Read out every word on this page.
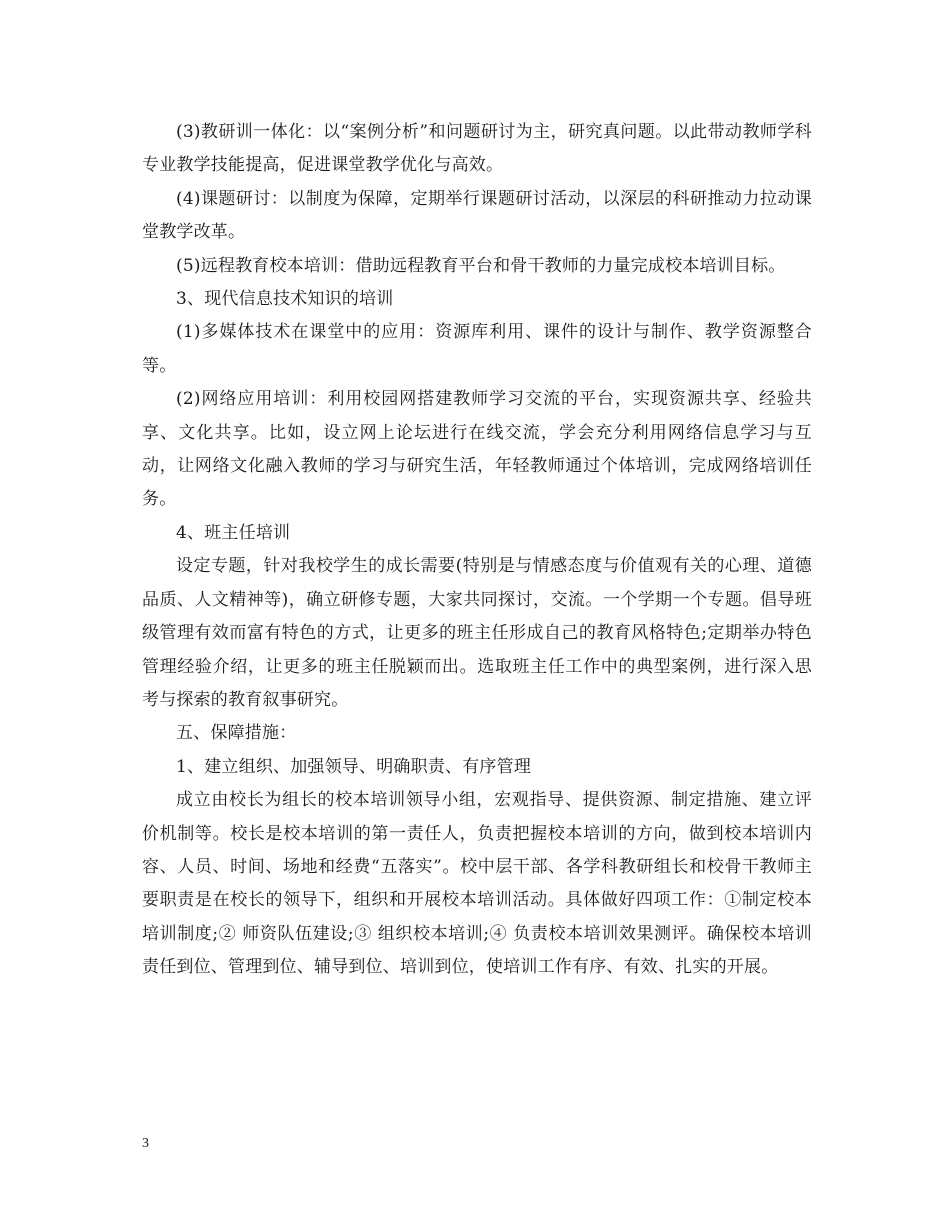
(3)教研训一体化：以“案例分析”和问题研讨为主，研究真问题。以此带动教师学科专业教学技能提高，促进课堂教学优化与高效。

(4)课题研讨：以制度为保障，定期举行课题研讨活动，以深层的科研推动力拉动课堂教学改革。

(5)远程教育校本培训：借助远程教育平台和骨干教师的力量完成校本培训目标。

3、现代信息技术知识的培训

(1)多媒体技术在课堂中的应用：资源库利用、课件的设计与制作、教学资源整合等。

(2)网络应用培训：利用校园网搭建教师学习交流的平台，实现资源共享、经验共享、文化共享。比如，设立网上论坛进行在线交流，学会充分利用网络信息学习与互动，让网络文化融入教师的学习与研究生活，年轻教师通过个体培训，完成网络培训任务。

4、班主任培训

设定专题，针对我校学生的成长需要(特别是与情感态度与价值观有关的心理、道德品质、人文精神等)，确立研修专题，大家共同探讨，交流。一个学期一个专题。倡导班级管理有效而富有特色的方式，让更多的班主任形成自己的教育风格特色;定期举办特色管理经验介绍，让更多的班主任脱颖而出。选取班主任工作中的典型案例，进行深入思考与探索的教育叙事研究。

五、保障措施：

1、建立组织、加强领导、明确职责、有序管理

成立由校长为组长的校本培训领导小组，宏观指导、提供资源、制定措施、建立评价机制等。校长是校本培训的第一责任人，负责把握校本培训的方向，做到校本培训内容、人员、时间、场地和经费“五落实”。校中层干部、各学科教研组长和校骨干教师主要职责是在校长的领导下，组织和开展校本培训活动。具体做好四项工作：①制定校本培训制度;② 师资队伍建设;③ 组织校本培训;④ 负责校本培训效果测评。确保校本培训责任到位、管理到位、辅导到位、培训到位，使培训工作有序、有效、扎实的开展。

3
